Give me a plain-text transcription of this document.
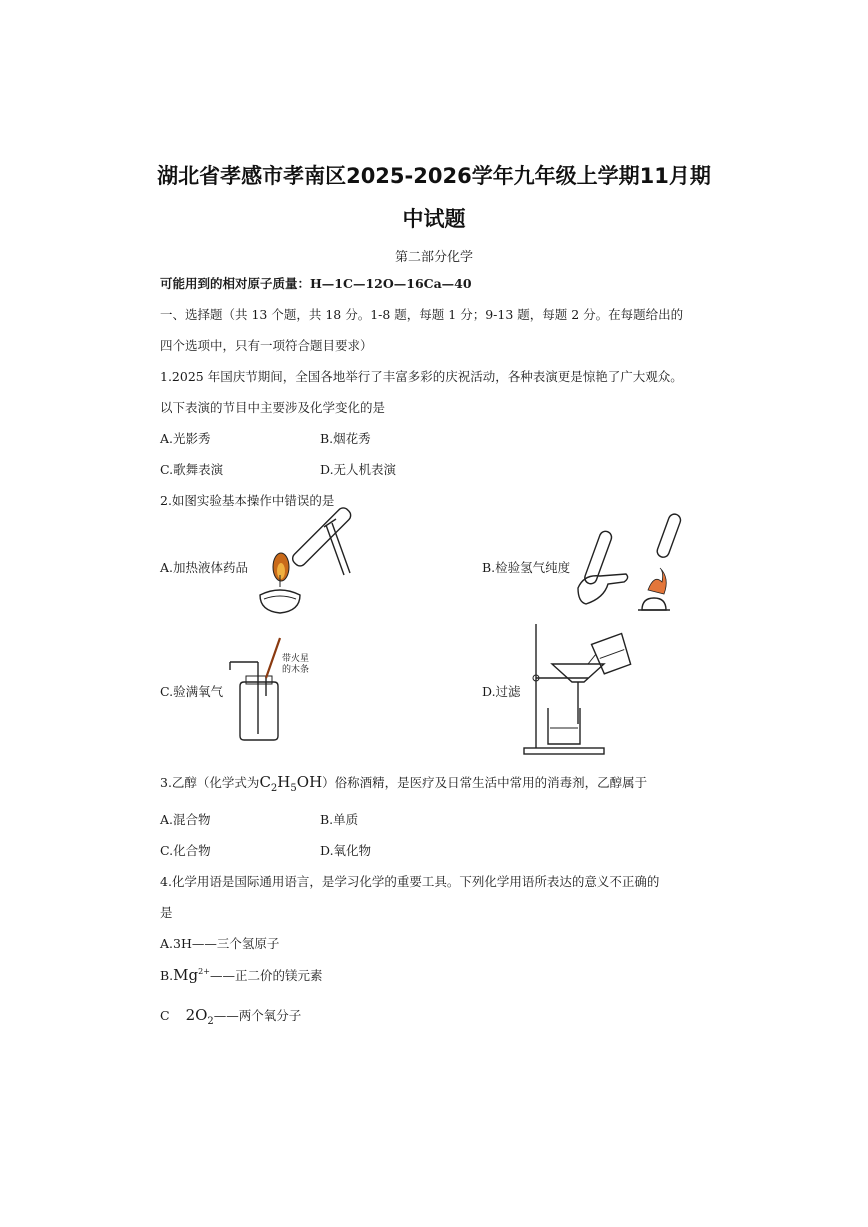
湖北省孝感市孝南区2025-2026学年九年级上学期11月期
中试题
第二部分化学
可能用到的相对原子质量：H—1C—12O—16Ca—40
一、选择题（共 13 个题，共 18 分。1-8 题，每题 1 分；9-13 题，每题 2 分。在每题给出的
四个选项中，只有一项符合题目要求）
1.2025 年国庆节期间，全国各地举行了丰富多彩的庆祝活动，各种表演更是惊艳了广大观众。
以下表演的节目中主要涉及化学变化的是
A.光影秀	B.烟花秀
C.歌舞表演	D.无人机表演
2.如图实验基本操作中错误的是
A.加热液体药品	B.检验氢气纯度
C.验满氧气	D.过滤
带火星
的木条
3.乙醇（化学式为$C_2H_5OH$）俗称酒精，是医疗及日常生活中常用的消毒剂，乙醇属于
A.混合物	B.单质
C.化合物	D.氧化物
4.化学用语是国际通用语言，是学习化学的重要工具。下列化学用语所表达的意义不正确的
是
A.3H——三个氢原子
$B.Mg^{2+}——$正二价的镁元素
C $2O_2——$两个氧分子
